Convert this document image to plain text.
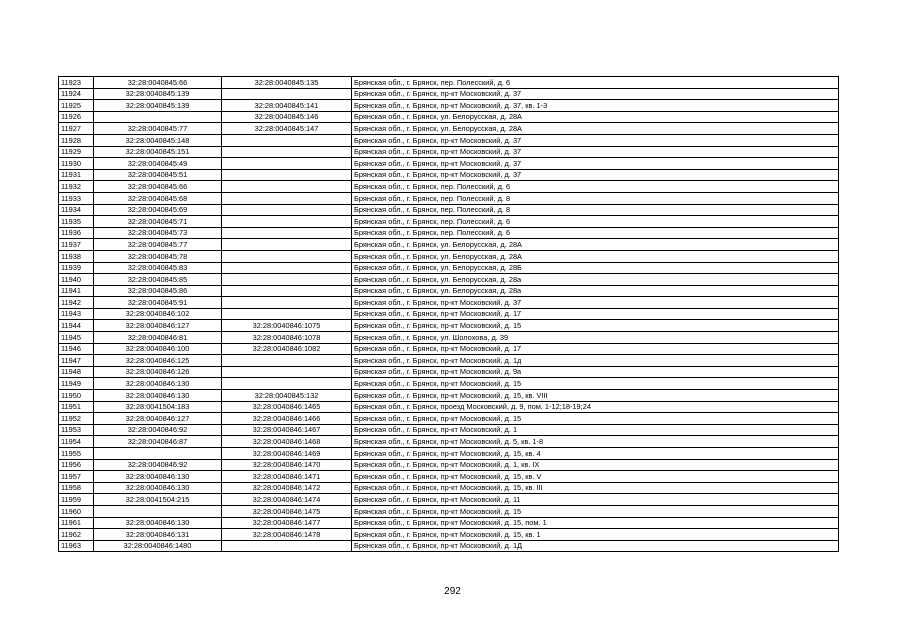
11923	32:28:0040845:66	32:28:0040845:135	Брянская обл., г. Брянск, пер. Полесский, д. 6
11924	32:28:0040845:139		Брянская обл., г. Брянск, пр-кт Московский, д. 37
11925	32:28:0040845:139	32:28:0040845:141	Брянская обл., г. Брянск, пр-кт Московский, д. 37, кв. 1-3
11926		32:28:0040845:146	Брянская обл., г. Брянск, ул. Белорусская, д. 28А
11927	32:28:0040845:77	32:28:0040845:147	Брянская обл., г. Брянск, ул. Белорусская, д. 28А
11928	32:28:0040845:148		Брянская обл., г. Брянск, пр-кт Московский, д. 37
11929	32:28:0040845:151		Брянская обл., г. Брянск, пр-кт Московский, д. 37
11930	32:28:0040845:49		Брянская обл., г. Брянск, пр-кт Московский, д. 37
11931	32:28:0040845:51		Брянская обл., г. Брянск, пр-кт Московский, д. 37
11932	32:28:0040845:66		Брянская обл., г. Брянск, пер. Полесский, д. 6
11933	32:28:0040845:68		Брянская обл., г. Брянск, пер. Полесский, д. 8
11934	32:28:0040845:69		Брянская обл., г. Брянск, пер. Полесский, д. 8
11935	32:28:0040845:71		Брянская обл., г. Брянск, пер. Полесский, д. 6
11936	32:28:0040845:73		Брянская обл., г. Брянск, пер. Полесский, д. 6
11937	32:28:0040845:77		Брянская обл., г. Брянск, ул. Белорусская, д. 28А
11938	32:28:0040845:78		Брянская обл., г. Брянск, ул. Белорусская, д. 28А
11939	32:28:0040845:83		Брянская обл., г. Брянск, ул. Белорусская, д. 28Б
11940	32:28:0040845:85		Брянская обл., г. Брянск, ул. Белорусская, д. 28а
11941	32:28:0040845:86		Брянская обл., г. Брянск, ул. Белорусская, д. 28а
11942	32:28:0040845:91		Брянская обл., г. Брянск, пр-кт Московский, д. 37
11943	32:28:0040846:102		Брянская обл., г. Брянск, пр-кт Московский, д. 17
11944	32:28:0040846:127	32:28:0040846:1075	Брянская обл., г. Брянск, пр-кт Московский, д. 15
11945	32:28:0040846:81	32:28:0040846:1078	Брянская обл., г. Брянск, ул. Шолохова, д. 39
11946	32:28:0040846:100	32:28:0040846:1082	Брянская обл., г. Брянск, пр-кт Московский, д. 17
11947	32:28:0040846:125		Брянская обл., г. Брянск, пр-кт Московский, д. 1д
11948	32:28:0040846:126		Брянская обл., г. Брянск, пр-кт Московский, д. 9а
11949	32:28:0040846:130		Брянская обл., г. Брянск, пр-кт Московский, д. 15
11950	32:28:0040846:130	32:28:0040845:132	Брянская обл., г. Брянск, пр-кт Московский, д. 15, кв. VIII
11951	32:28:0041504:183	32:28:0040846:1465	Брянская обл., г. Брянск, проезд Московский, д. 9, пом. 1-12;18-19;24
11952	32:28:0040846:127	32:28:0040846:1466	Брянская обл., г. Брянск, пр-кт Московский, д. 15
11953	32:28:0040846:92	32:28:0040846:1467	Брянская обл., г. Брянск, пр-кт Московский, д. 1
11954	32:28:0040846:87	32:28:0040846:1468	Брянская обл., г. Брянск, пр-кт Московский, д. 5, кв. 1-8
11955		32:28:0040846:1469	Брянская обл., г. Брянск, пр-кт Московский, д. 15, кв. 4
11956	32:28:0040846:92	32:28:0040846:1470	Брянская обл., г. Брянск, пр-кт Московский, д. 1, кв. IX
11957	32:28:0040846:130	32:28:0040846:1471	Брянская обл., г. Брянск, пр-кт Московский, д. 15, кв. V
11958	32:28:0040846:130	32:28:0040846:1472	Брянская обл., г. Брянск, пр-кт Московский, д. 15, кв. III
11959	32:28:0041504:215	32:28:0040846:1474	Брянская обл., г. Брянск, пр-кт Московский, д. 11
11960		32:28:0040846:1475	Брянская обл., г. Брянск, пр-кт Московский, д. 15
11961	32:28:0040846:130	32:28:0040846:1477	Брянская обл., г. Брянск, пр-кт Московский, д. 15, пом. 1
11962	32:28:0040846:131	32:28:0040846:1478	Брянская обл., г. Брянск, пр-кт Московский, д. 15, кв. 1
11963	32:28:0040846:1480		Брянская обл., г. Брянск, пр-кт Московский, д. 1Д
292
